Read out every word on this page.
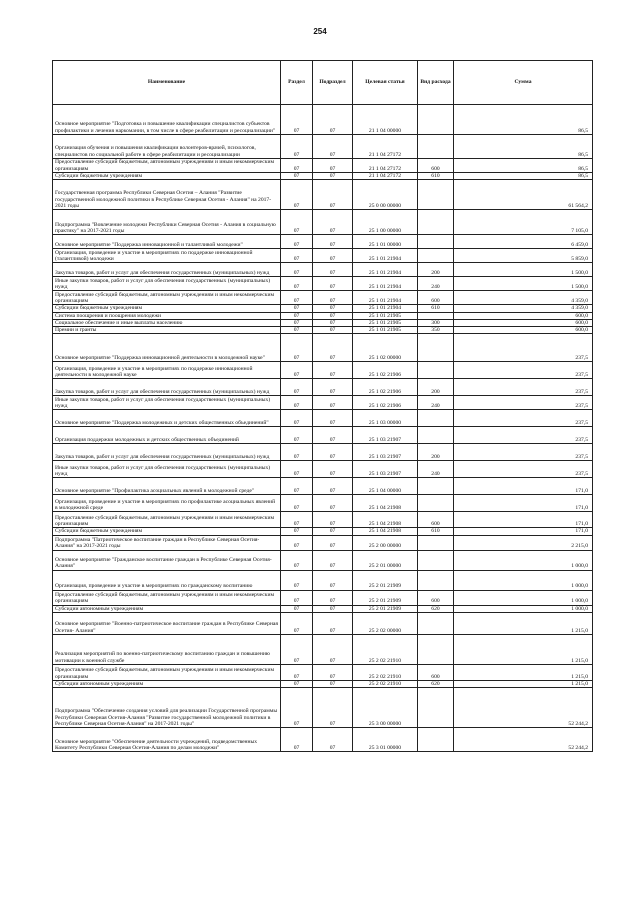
254
Наименование	Раздел	Подраздел	Целевая статья	Вид расхода	Сумма
Основное мероприятие "Подготовка и повышение квалификации специалистов субъектов профилактики и лечения наркомании, в том числе в сфере реабилитации и ресоциализации"	07	07	21 1 04 00000		86,5
Организация обучения и повышения квалификации волонтеров-врачей, психологов, специалистов по социальной работе в сфере реабилитации и ресоциализации	07	07	21 1 04 27172		86,5
Предоставление субсидий бюджетным, автономным учреждениям и иным некоммерческим организациям	07	07	21 1 04 27172	600	86,5
Субсидии бюджетным учреждениям	07	07	21 1 04 27172	610	86,5
Государственная программа Республики Северная Осетия – Алания "Развитие государственной молодежной политики в Республике Северная Осетия - Алания" на 2017-2021 годы	07	07	25 0 00 00000		61 564,2
Подпрограмма "Вовлечение молодежи Республики Северная Осетия - Алания в социальную практику" на 2017-2021 годы	07	07	25 1 00 00000		7 105,0
Основное мероприятие "Поддержка инновационной и талантливой молодежи"	07	07	25 1 01 00000		6 459,0
Организация, проведение и участие в мероприятиях по поддержке инновационной (талантливой) молодежи	07	07	25 1 01 21904		5 859,0
Закупка товаров, работ и услуг для обеспечения государственных (муниципальных) нужд	07	07	25 1 01 21904	200	1 500,0
Иные закупки товаров, работ и услуг для обеспечения государственных (муниципальных) нужд	07	07	25 1 01 21904	240	1 500,0
Предоставление субсидий бюджетным, автономным учреждениям и иным некоммерческим организациям	07	07	25 1 01 21904	600	4 359,0
Субсидии бюджетным учреждениям	07	07	25 1 01 21904	610	4 359,0
Система поощрения и поощрения молодежи	07	07	25 1 01 21905		600,0
Социальное обеспечение и иные выплаты населению	07	07	25 1 01 21905	300	600,0
Премии и гранты	07	07	25 1 01 21905	350	600,0
Основное мероприятие "Поддержка инновационной деятельности в молодежной науке"	07	07	25 1 02 00000		237,5
Организация, проведение и участие в мероприятиях по поддержке инновационной деятельности в молодежной науке	07	07	25 1 02 21906		237,5
Закупка товаров, работ и услуг для обеспечения государственных (муниципальных) нужд	07	07	25 1 02 21906	200	237,5
Иные закупки товаров, работ и услуг для обеспечения государственных (муниципальных) нужд	07	07	25 1 02 21906	240	237,5
Основное мероприятие "Поддержка молодежных и детских общественных объединений"	07	07	25 1 03 00000		237,5
Организация поддержки молодежных и детских общественных объединений	07	07	25 1 03 21907		237,5
Закупка товаров, работ и услуг для обеспечения государственных (муниципальных) нужд	07	07	25 1 03 21907	200	237,5
Иные закупки товаров, работ и услуг для обеспечения государственных (муниципальных) нужд	07	07	25 1 03 21907	240	237,5
Основное мероприятие "Профилактика асоциальных явлений в молодежной среде"	07	07	25 1 04 00000		171,0
Организация, проведение и участие в мероприятиях по профилактике асоциальных явлений в молодежной среде	07	07	25 1 04 21908		171,0
Предоставление субсидий бюджетным, автономным учреждениям и иным некоммерческим организациям	07	07	25 1 04 21908	600	171,0
Субсидии бюджетным учреждениям	07	07	25 1 04 21908	610	171,0
Подпрограмма "Патриотическое воспитание граждан в Республике Северная Осетия- Алания" на 2017-2021 годы	07	07	25 2 00 00000		2 215,0
Основное мероприятие "Гражданское воспитание граждан в Республике Северная Осетия- Алания"	07	07	25 2 01 00000		1 000,0
Организация, проведение и участие в мероприятиях по гражданскому воспитанию	07	07	25 2 01 21909		1 000,0
Предоставление субсидий бюджетным, автономным учреждениям и иным некоммерческим организациям	07	07	25 2 01 21909	600	1 000,0
Субсидии автономным учреждениям	07	07	25 2 01 21909	620	1 000,0
Основное мероприятие "Военно-патриотическое воспитание граждан в Республике Северная Осетия- Алания"	07	07	25 2 02 00000		1 215,0
Реализация мероприятий по военно-патриотическому воспитанию граждан и повышению мотивации к военной службе	07	07	25 2 02 21910		1 215,0
Предоставление субсидий бюджетным, автономным учреждениям и иным некоммерческим организациям	07	07	25 2 02 21910	600	1 215,0
Субсидии автономным учреждениям	07	07	25 2 02 21910	620	1 215,0
Подпрограмма "Обеспечение создания условий для реализации Государственной программы Республики Северная Осетия-Алания "Развитие государственной молодежной политики в Республике Северная Осетия-Алания" на 2017-2021 годы"	07	07	25 3 00 00000		52 244,2
Основное мероприятие "Обеспечение деятельности учреждений, подведомственных Комитету Республики Северная Осетия-Алания по делам молодежи"	07	07	25 3 01 00000		52 244,2
